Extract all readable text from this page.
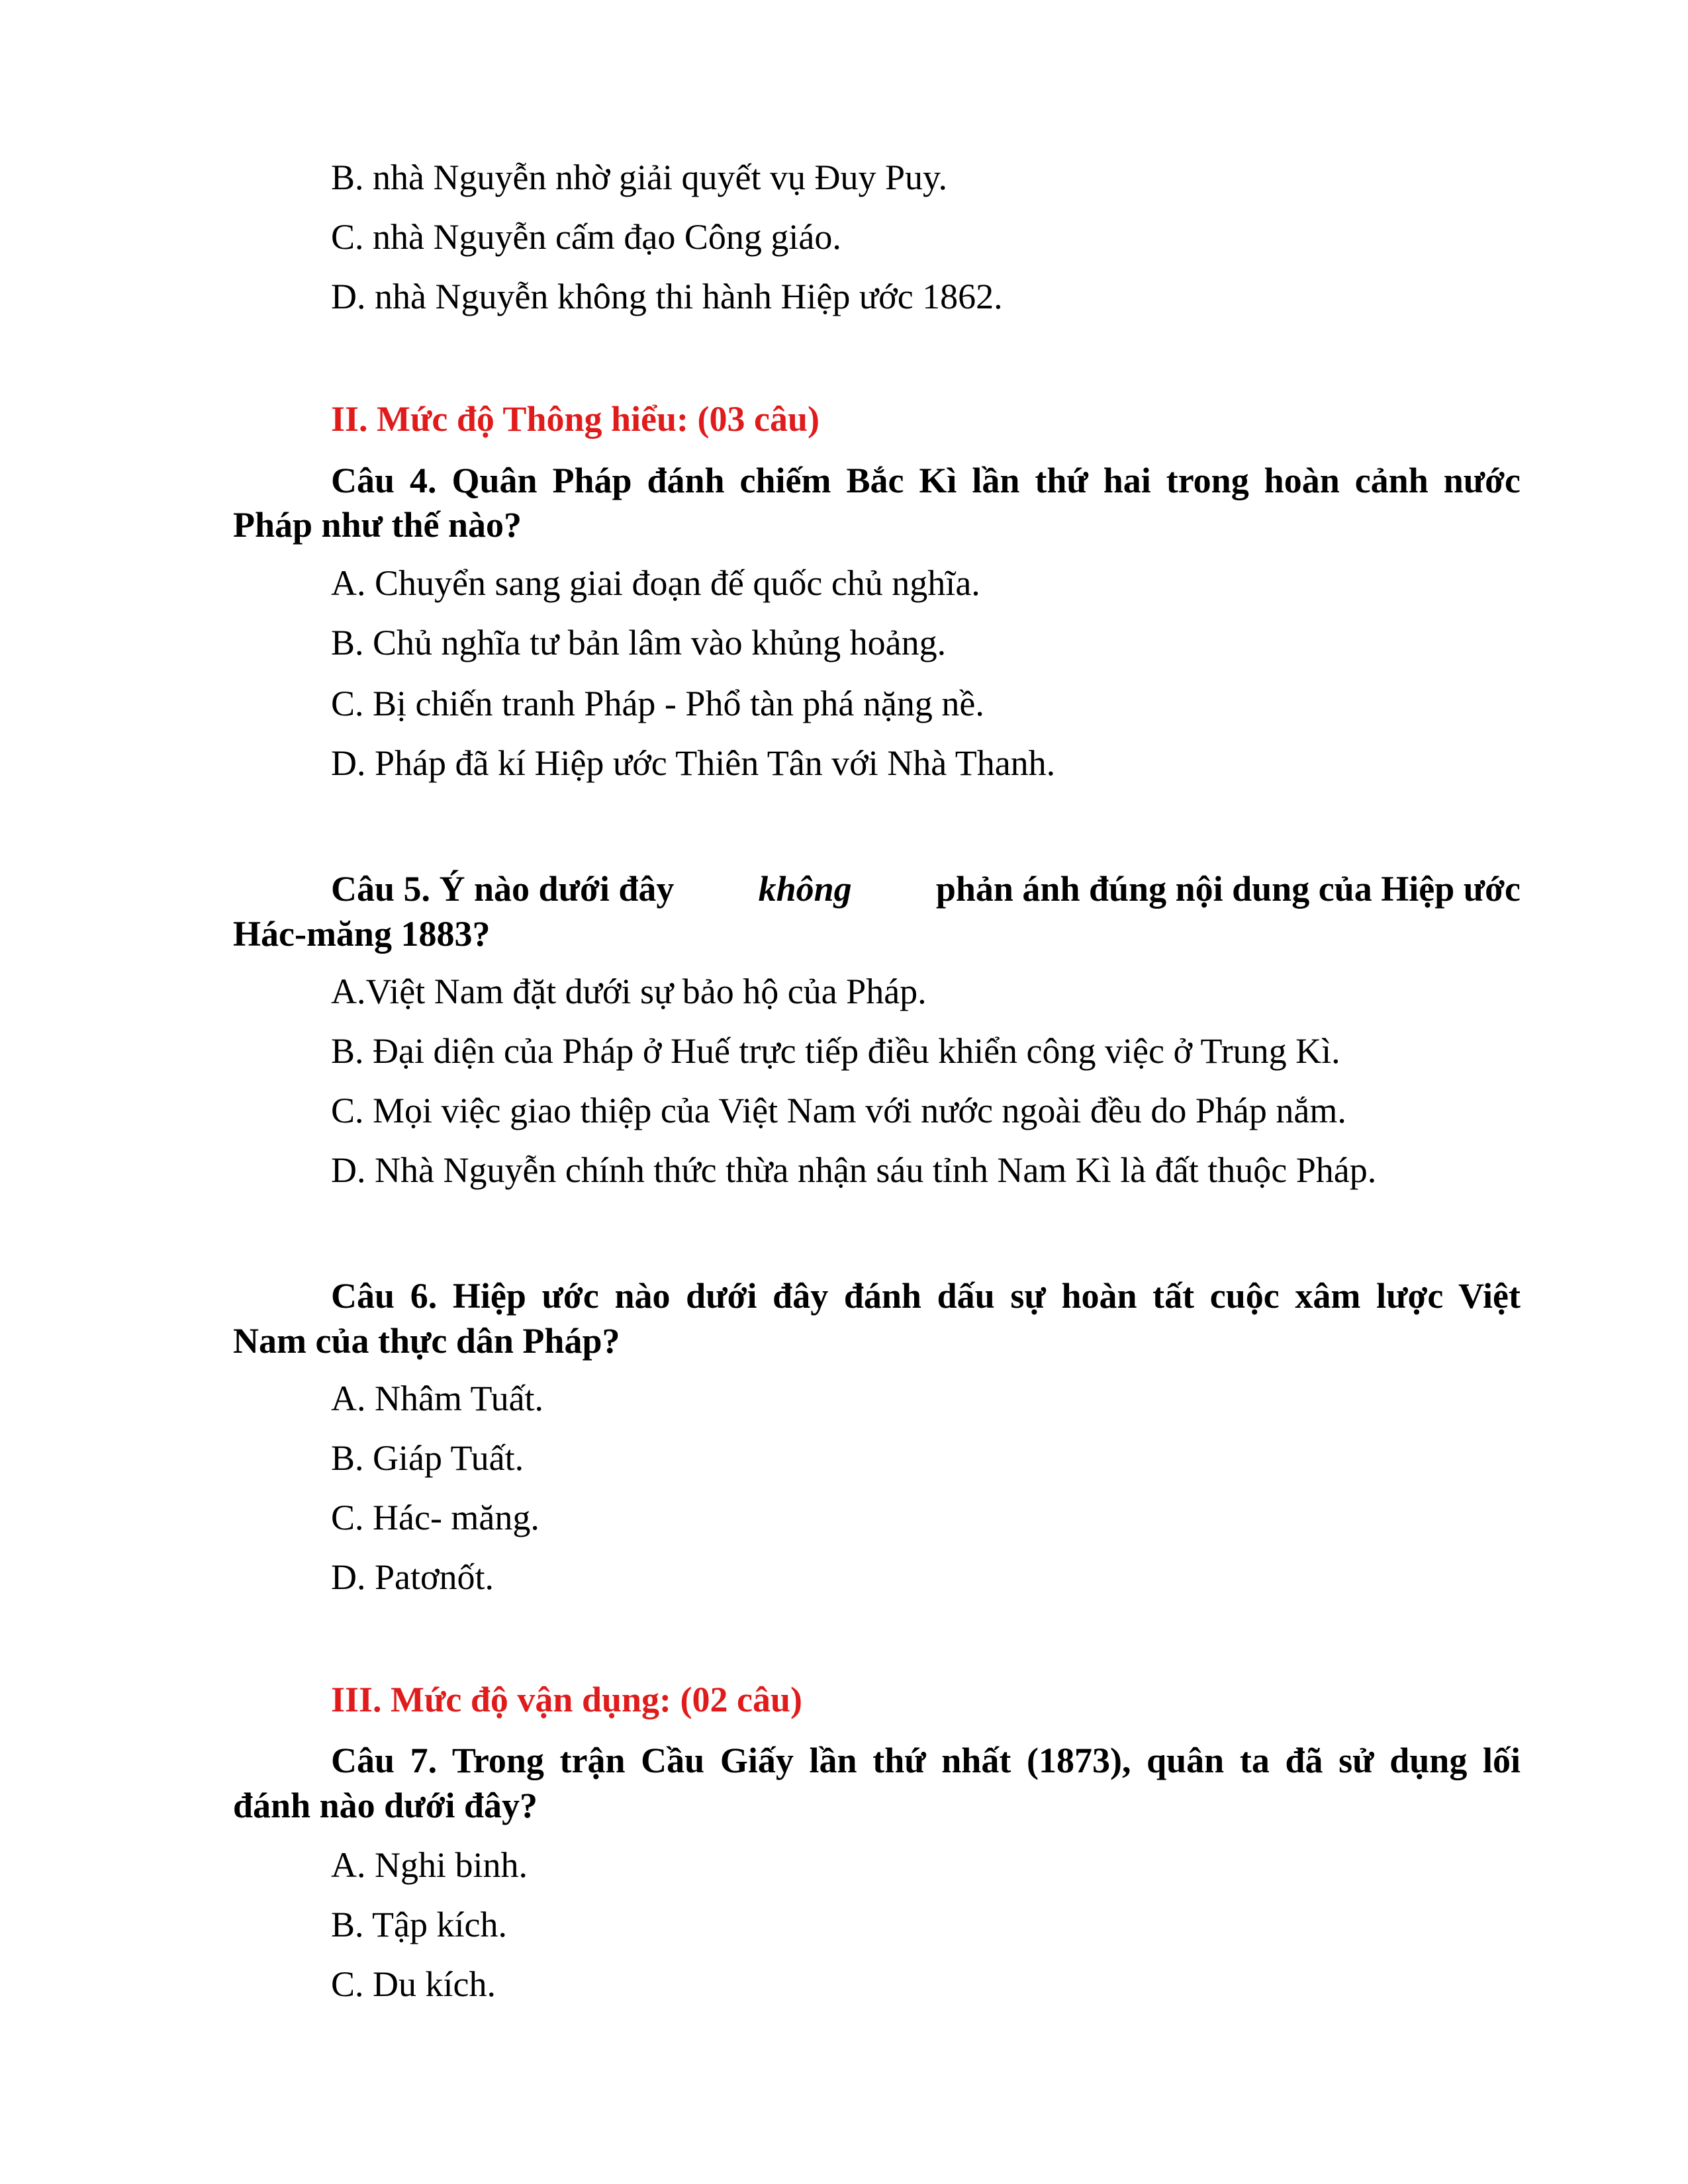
B. nhà Nguyễn nhờ giải quyết vụ Đuy Puy.
C. nhà Nguyễn cấm đạo Công giáo.
D. nhà Nguyễn không thi hành Hiệp ước 1862.
II. Mức độ Thông hiểu: (03 câu)
Câu 4. Quân Pháp đánh chiếm Bắc Kì lần thứ hai trong hoàn cảnh nước
Pháp như thế nào?
A. Chuyển sang giai đoạn đế quốc chủ nghĩa.
B. Chủ nghĩa tư bản lâm vào khủng hoảng.
C. Bị chiến tranh Pháp - Phổ tàn phá nặng nề.
D. Pháp đã kí Hiệp ước Thiên Tân với Nhà Thanh.
Câu 5. Ý nào dưới đây không phản ánh đúng nội dung của Hiệp ước
Hác-măng 1883?
A.Việt Nam đặt dưới sự bảo hộ của Pháp.
B. Đại diện của Pháp ở Huế trực tiếp điều khiển công việc ở Trung Kì.
C. Mọi việc giao thiệp của Việt Nam với nước ngoài đều do Pháp nắm.
D. Nhà Nguyễn chính thức thừa nhận sáu tỉnh Nam Kì là đất thuộc Pháp.
Câu 6. Hiệp ước nào dưới đây đánh dấu sự hoàn tất cuộc xâm lược Việt
Nam của thực dân Pháp?
A. Nhâm Tuất.
B. Giáp Tuất.
C. Hác- măng.
D. Patơnốt.
III. Mức độ vận dụng: (02 câu)
Câu 7. Trong trận Cầu Giấy lần thứ nhất (1873), quân ta đã sử dụng lối
đánh nào dưới đây?
A. Nghi binh.
B. Tập kích.
C. Du kích.
